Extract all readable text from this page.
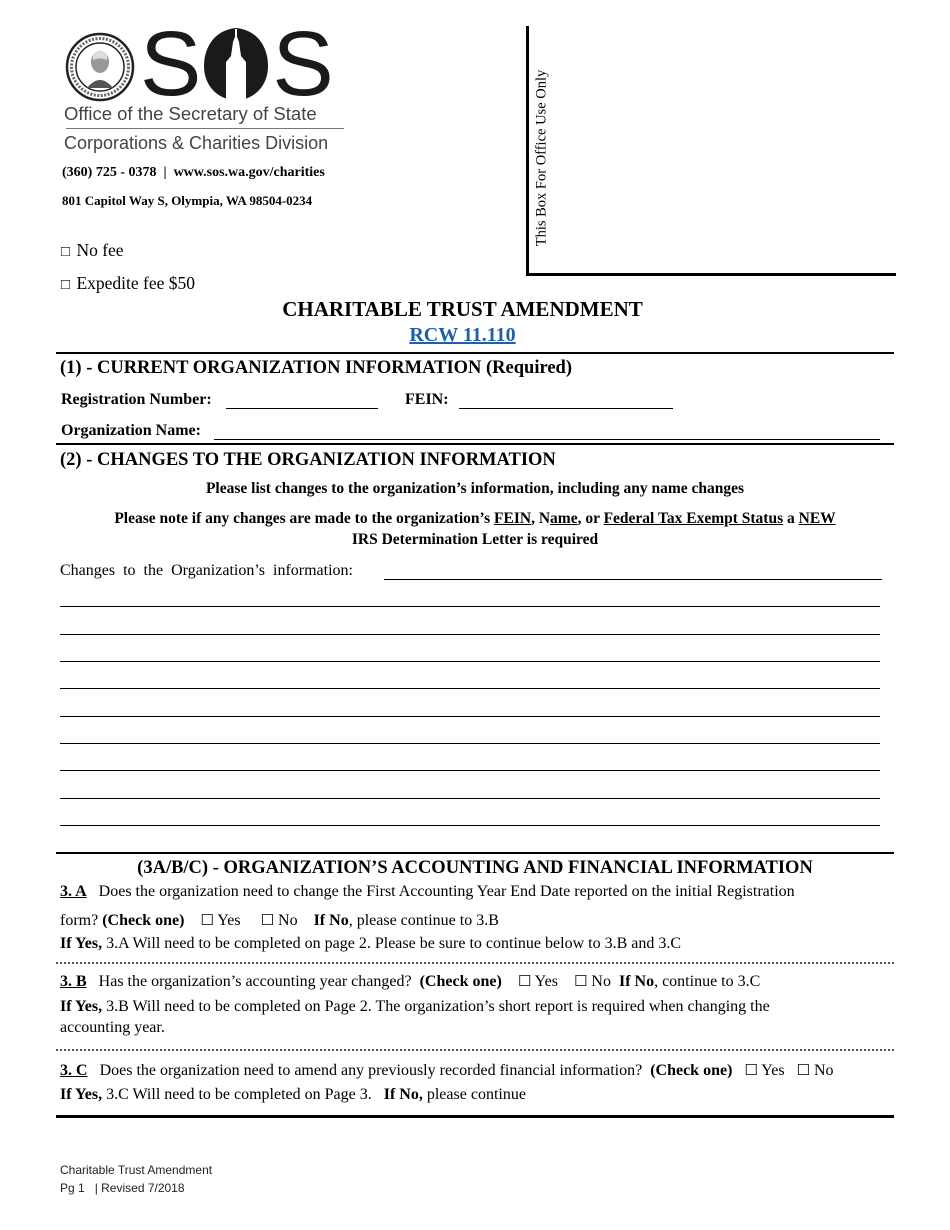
S S
Office of the Secretary of State
Corporations & Charities Division
(360) 725 - 0378  |  www.sos.wa.gov/charities
801 Capitol Way S, Olympia, WA 98504-0234
□ No fee
□ Expedite fee $50
This Box For Office Use Only
CHARITABLE TRUST AMENDMENT
RCW 11.110
(1) - CURRENT ORGANIZATION INFORMATION (Required)
Registration Number:	FEIN:
Organization Name:
(2) - CHANGES TO THE ORGANIZATION INFORMATION
Please list changes to the organization’s information, including any name changes
Please note if any changes are made to the organization’s FEIN, Name, or Federal Tax Exempt Status a NEW
IRS Determination Letter is required
Changes  to  the  Organization’s  information:
(3A/B/C) - ORGANIZATION’S ACCOUNTING AND FINANCIAL INFORMATION
3. A Does the organization need to change the First Accounting Year End Date reported on the initial Registration
form? (Check one) ☐ Yes ☐ No If No, please continue to 3.B
If Yes, 3.A Will need to be completed on page 2. Please be sure to continue below to 3.B and 3.C
3. B Has the organization’s accounting year changed? (Check one) ☐ Yes ☐ No If No, continue to 3.C
If Yes, 3.B Will need to be completed on Page 2. The organization’s short report is required when changing the
accounting year.
3. C Does the organization need to amend any previously recorded financial information? (Check one) ☐ Yes ☐ No
If Yes, 3.C Will need to be completed on Page 3.   If No, please continue
Charitable Trust Amendment
Pg 1   | Revised 7/2018
